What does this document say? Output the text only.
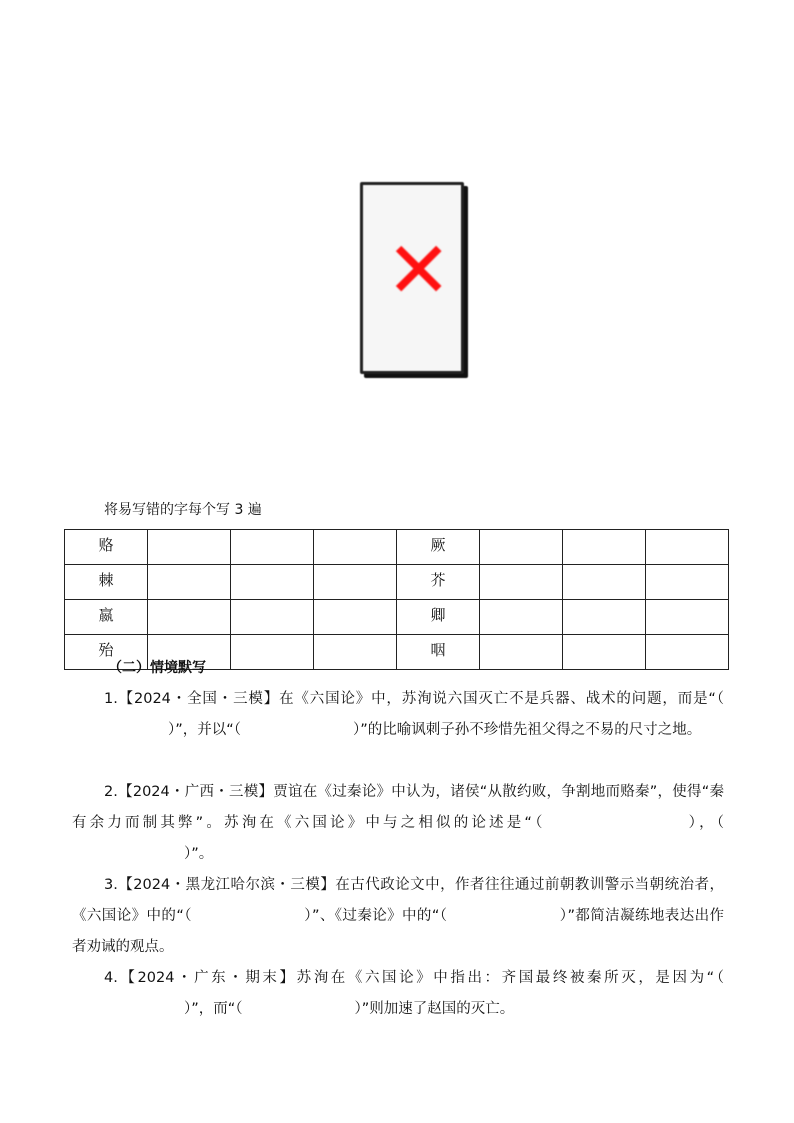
✕
将易写错的字每个写 3 遍
赂				厥			
棘				芥			
嬴				卿			
殆				咽			
（二）情境默写

1.【2024・全国・三模】在《六国论》中，苏洵说六国灭亡不是兵器、战术的问题，而是“（）”，并以“（	）”的比喻讽刺子孙不珍惜先祖父得之不易的尺寸之地。

2.【2024・广西・三模】贾谊在《过秦论》中认为，诸侯“从散约败，争割地而赂秦”，使得“秦有余力而制其弊”。苏洵在《六国论》中与之相似的论述是“（	），（）”。

3.【2024・黑龙江哈尔滨・三模】在古代政论文中，作者往往通过前朝教训警示当朝统治者，《六国论》中的“（	）”、《过秦论》中的“（	）”都简洁凝练地表达出作者劝诫的观点。

4.【2024・广东・期末】苏洵在《六国论》中指出：齐国最终被秦所灭，是因为“（）”，而“（	）”则加速了赵国的灭亡。
